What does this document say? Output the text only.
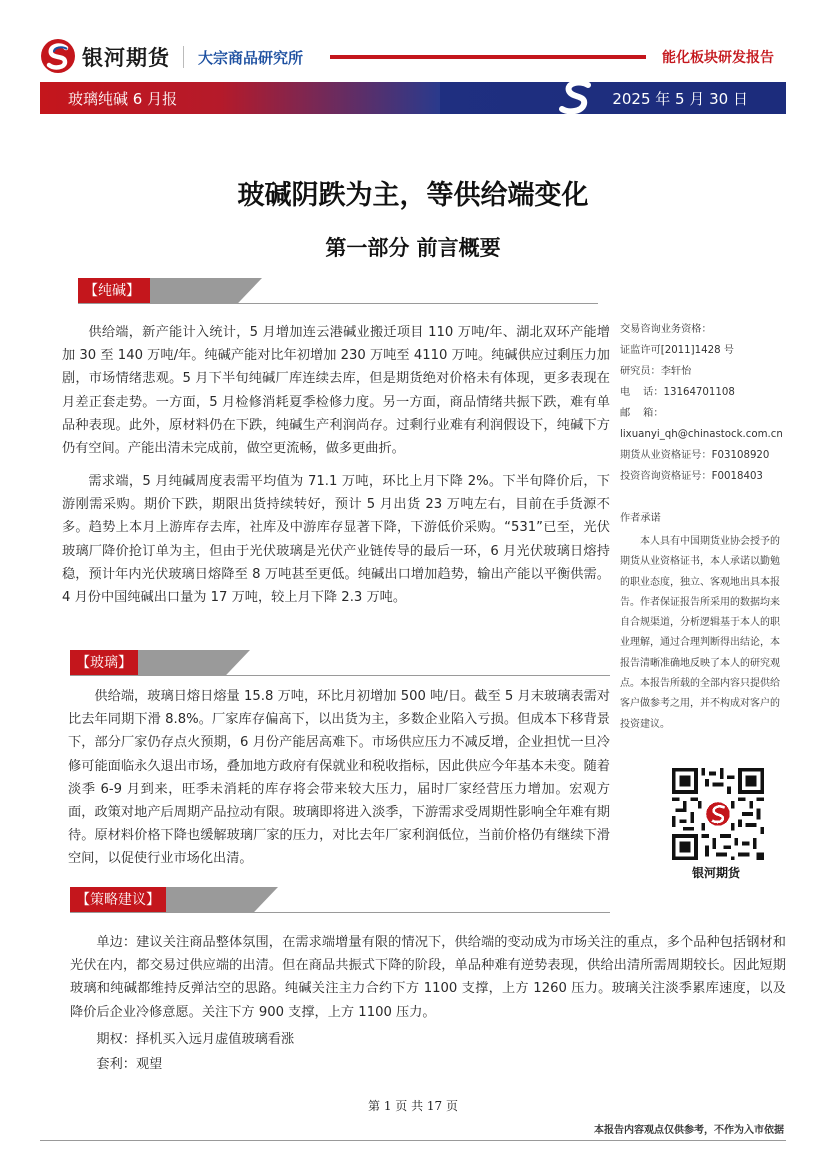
银河期货 大宗商品研究所	能化板块研发报告
玻璃纯碱 6 月报	2025 年 5 月 30 日
玻碱阴跌为主，等供给端变化
第一部分 前言概要
【纯碱】
供给端，新产能计入统计，5 月增加连云港碱业搬迁项目 110 万吨/年、湖北双环产能增加 30 至 140 万吨/年。纯碱产能对比年初增加 230 万吨至 4110 万吨。纯碱供应过剩压力加剧，市场情绪悲观。5 月下半旬纯碱厂库连续去库，但是期货绝对价格未有体现，更多表现在月差正套走势。一方面，5 月检修消耗夏季检修力度。另一方面，商品情绪共振下跌，难有单品种表现。此外，原材料仍在下跌，纯碱生产利润尚存。过剩行业难有利润假设下，纯碱下方仍有空间。产能出清未完成前，做空更流畅，做多更曲折。
需求端，5 月纯碱周度表需平均值为 71.1 万吨，环比上月下降 2%。下半旬降价后，下游刚需采购。期价下跌，期限出货持续转好，预计 5 月出货 23 万吨左右，目前在手货源不多。趋势上本月上游库存去库，社库及中游库存显著下降，下游低价采购。“531”已至，光伏玻璃厂降价抢订单为主，但由于光伏玻璃是光伏产业链传导的最后一环，6 月光伏玻璃日熔持稳，预计年内光伏玻璃日熔降至 8 万吨甚至更低。纯碱出口增加趋势，输出产能以平衡供需。4 月份中国纯碱出口量为 17 万吨，较上月下降 2.3 万吨。
【玻璃】
供给端，玻璃日熔日熔量 15.8 万吨，环比月初增加 500 吨/日。截至 5 月末玻璃表需对比去年同期下滑 8.8%。厂家库存偏高下，以出货为主，多数企业陷入亏损。但成本下移背景下，部分厂家仍存点火预期，6 月份产能居高难下。市场供应压力不减反增，企业担忧一旦冷修可能面临永久退出市场，叠加地方政府有保就业和税收指标，因此供应今年基本未变。随着淡季 6-9 月到来，旺季未消耗的库存将会带来较大压力，届时厂家经营压力增加。宏观方面，政策对地产后周期产品拉动有限。玻璃即将进入淡季，下游需求受周期性影响全年难有期待。原材料价格下降也缓解玻璃厂家的压力，对比去年厂家利润低位，当前价格仍有继续下滑空间，以促使行业市场化出清。
【策略建议】
单边：建议关注商品整体氛围，在需求端增量有限的情况下，供给端的变动成为市场关注的重点，多个品种包括钢材和光伏在内，都交易过供应端的出清。但在商品共振式下降的阶段，单品种难有逆势表现，供给出清所需周期较长。因此短期玻璃和纯碱都维持反弹沽空的思路。纯碱关注主力合约下方 1100 支撑，上方 1260 压力。玻璃关注淡季累库速度，以及降价后企业冷修意愿。关注下方 900 支撑，上方 1100 压力。
期权：择机买入远月虚值玻璃看涨
套利：观望
交易咨询业务资格：
证监许可[2011]1428 号
研究员：李轩怡
电    话：13164701108
邮    箱：
lixuanyi_qh@chinastock.com.cn
期货从业资格证号：F03108920
投资咨询资格证号：F0018403
作者承诺
本人具有中国期货业协会授予的期货从业资格证书，本人承诺以勤勉的职业态度，独立、客观地出具本报告。作者保证报告所采用的数据均来自合规渠道，分析逻辑基于本人的职业理解，通过合理判断得出结论，本报告清晰准确地反映了本人的研究观点。本报告所载的全部内容只提供给客户做参考之用，并不构成对客户的投资建议。
银河期货
第 1 页 共 17 页
本报告内容观点仅供参考，不作为入市依据
